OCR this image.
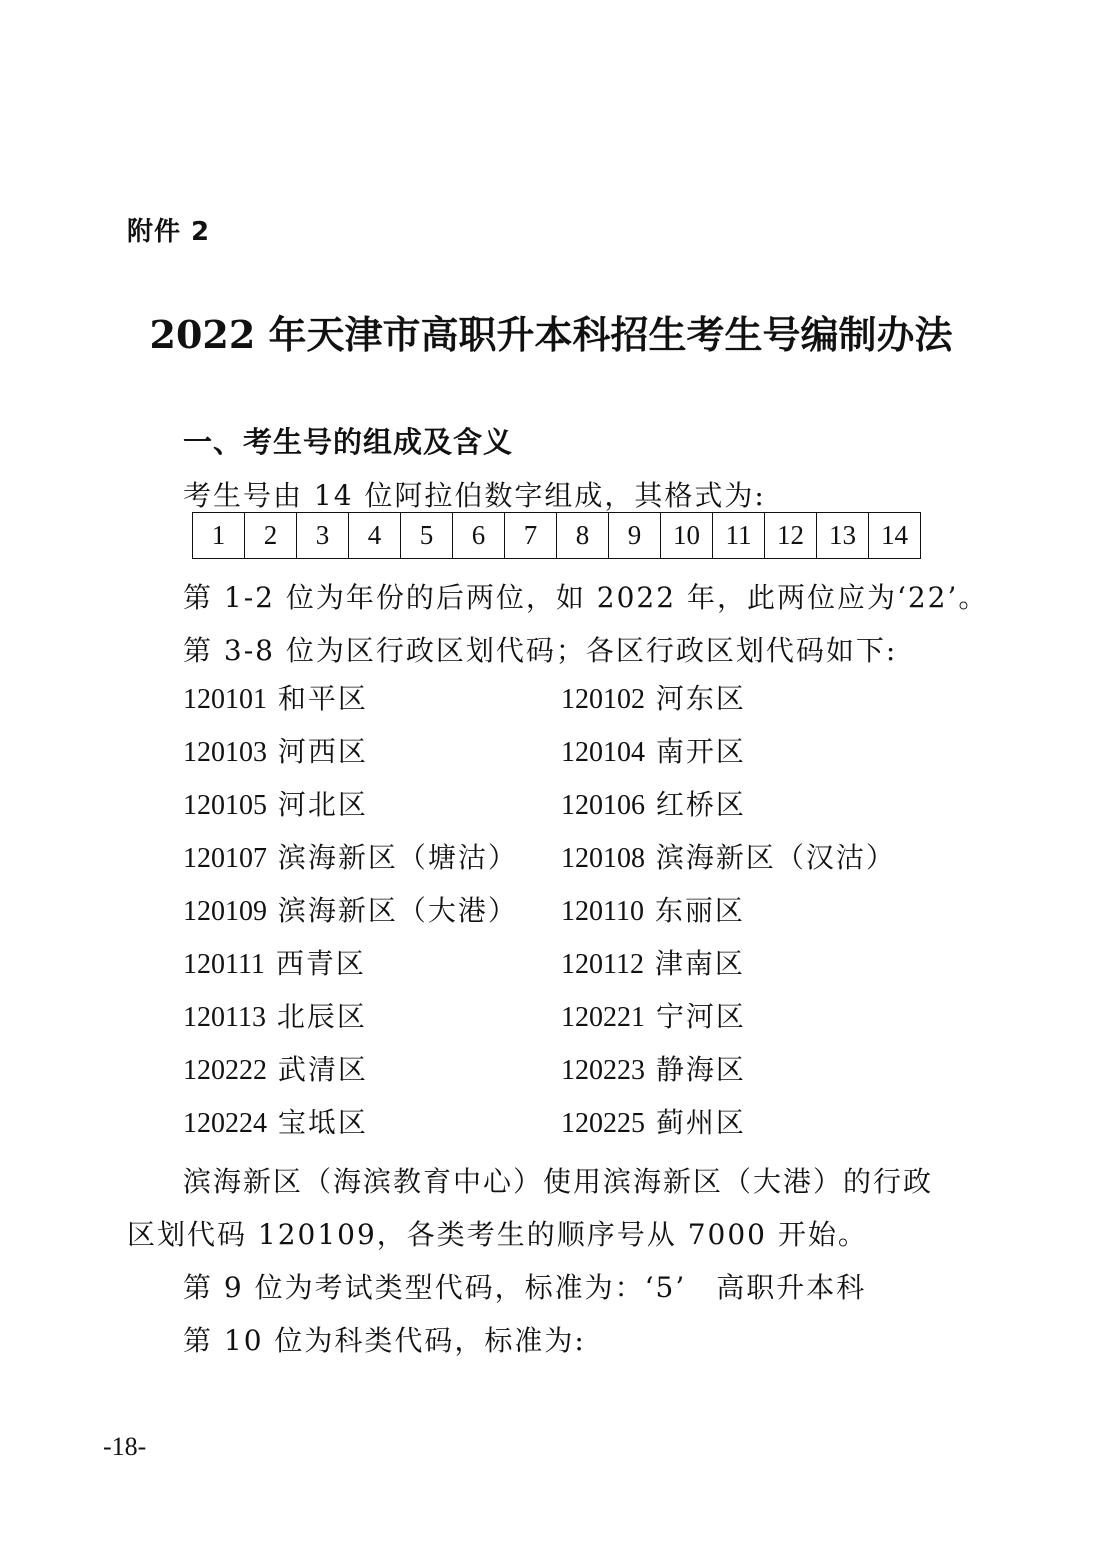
附件 2
2022 年天津市高职升本科招生考生号编制办法
一、考生号的组成及含义
考生号由 14 位阿拉伯数字组成，其格式为:
1	2	3	4	5	6	7	8	9	10	11	12	13	14
第 1-2 位为年份的后两位，如 2022 年，此两位应为‘22’。
第 3-8 位为区行政区划代码；各区行政区划代码如下:
120101 和平区	120102 河东区
120103 河西区	120104 南开区
120105 河北区	120106 红桥区
120107 滨海新区（塘沽）	120108 滨海新区（汉沽）
120109 滨海新区（大港）	120110 东丽区
120111 西青区	120112 津南区
120113 北辰区	120221 宁河区
120222 武清区	120223 静海区
120224 宝坻区	120225 蓟州区
滨海新区（海滨教育中心）使用滨海新区（大港）的行政
区划代码 120109，各类考生的顺序号从 7000 开始。
第 9 位为考试类型代码，标准为：‘5’　高职升本科
第 10 位为科类代码，标准为:
-18-
